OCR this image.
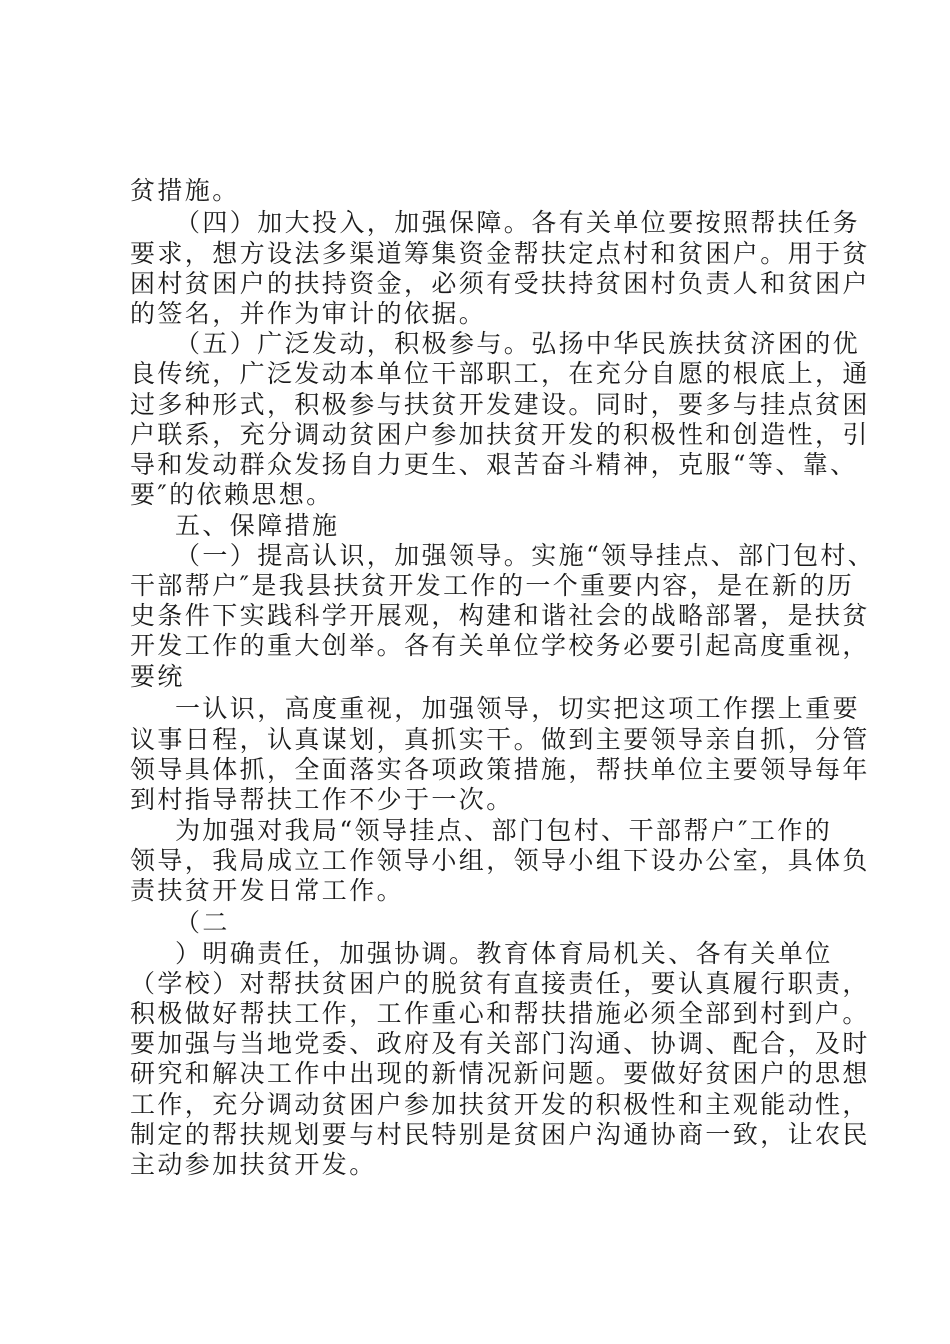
贫措施。
（四）加大投入，加强保障。各有关单位要按照帮扶任务
要求，想方设法多渠道筹集资金帮扶定点村和贫困户。用于贫
困村贫困户的扶持资金，必须有受扶持贫困村负责人和贫困户
的签名，并作为审计的依据。
（五）广泛发动，积极参与。弘扬中华民族扶贫济困的优
良传统，广泛发动本单位干部职工，在充分自愿的根底上，通
过多种形式，积极参与扶贫开发建设。同时，要多与挂点贫困
户联系，充分调动贫困户参加扶贫开发的积极性和创造性，引
导和发动群众发扬自力更生、艰苦奋斗精神，克服“等、靠、
要″的依赖思想。
五、保障措施
（一）提高认识，加强领导。实施“领导挂点、部门包村、
干部帮户″是我县扶贫开发工作的一个重要内容，是在新的历
史条件下实践科学开展观，构建和谐社会的战略部署，是扶贫
开发工作的重大创举。各有关单位学校务必要引起高度重视，
要统
一认识，高度重视，加强领导，切实把这项工作摆上重要
议事日程，认真谋划，真抓实干。做到主要领导亲自抓，分管
领导具体抓，全面落实各项政策措施，帮扶单位主要领导每年
到村指导帮扶工作不少于一次。
为加强对我局“领导挂点、部门包村、干部帮户″工作的
领导，我局成立工作领导小组，领导小组下设办公室，具体负
责扶贫开发日常工作。
（二
）明确责任，加强协调。教育体育局机关、各有关单位
（学校）对帮扶贫困户的脱贫有直接责任，要认真履行职责，
积极做好帮扶工作，工作重心和帮扶措施必须全部到村到户。
要加强与当地党委、政府及有关部门沟通、协调、配合，及时
研究和解决工作中出现的新情况新问题。要做好贫困户的思想
工作，充分调动贫困户参加扶贫开发的积极性和主观能动性，
制定的帮扶规划要与村民特别是贫困户沟通协商一致，让农民
主动参加扶贫开发。
